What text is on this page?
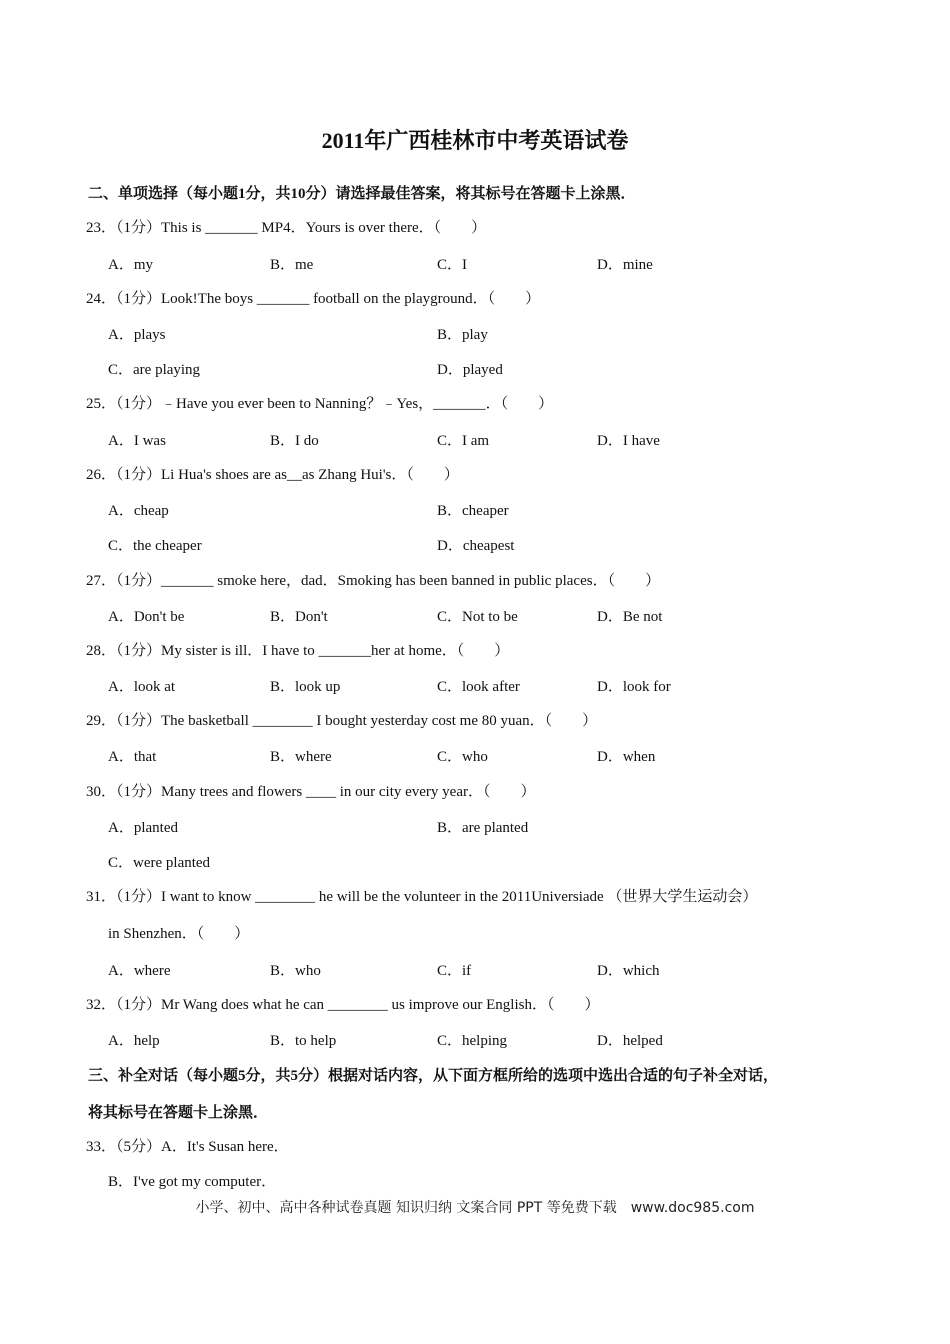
2011年广西桂林市中考英语试卷
二、单项选择（每小题1分，共10分）请选择最佳答案，将其标号在答题卡上涂黑．
23．（1分）This is _______ MP4．Yours is over there．（　　）
A．my	B．me	C．I	D．mine
24．（1分）Look!The boys _______ football on the playground．（　　）
A．plays	B．play
C．are playing	D．played
25．（1分）﹣Have you ever been to Nanning？﹣Yes，_______．（　　）
A．I was	B．I do	C．I am	D．I have
26．（1分）Li Hua's shoes are as__as Zhang Hui's．（　　）
A．cheap	B．cheaper
C．the cheaper	D．cheapest
27．（1分）_______ smoke here，dad．Smoking has been banned in public places．（　　）
A．Don't be	B．Don't	C．Not to be	D．Be not
28．（1分）My sister is ill．I have to _______her at home．（　　）
A．look at	B．look up	C．look after	D．look for
29．（1分）The basketball ________ I bought yesterday cost me 80 yuan．（　　）
A．that	B．where	C．who	D．when
30．（1分）Many trees and flowers ____ in our city every year．（　　）
A．planted	B．are planted
C．were planted
31．（1分）I want to know ________ he will be the volunteer in the 2011Universiade （世界大学生运动会）
in Shenzhen．（　　）
A．where	B．who	C．if	D．which
32．（1分）Mr Wang does what he can ________ us improve our English．（　　）
A．help	B．to help	C．helping	D．helped
三、补全对话（每小题5分，共5分）根据对话内容，从下面方框所给的选项中选出合适的句子补全对话，
将其标号在答题卡上涂黑．
33．（5分）A．It's Susan here．
B．I've got my computer．
小学、初中、高中各种试卷真题 知识归纳 文案合同 PPT 等免费下载　www.doc985.com
